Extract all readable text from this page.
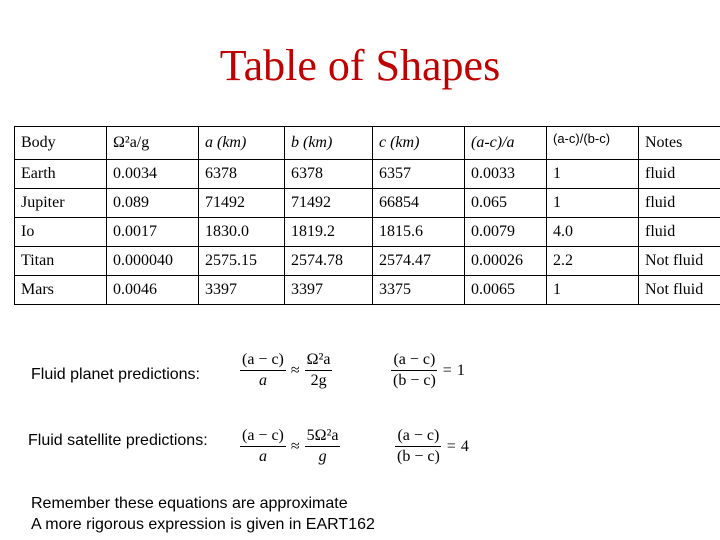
Table of Shapes
Body	Ω²a/g	a (km)	b (km)	c (km)	(a-c)/a	(a-c)/(b-c)	Notes
Earth	0.0034	6378	6378	6357	0.0033	1	fluid
Jupiter	0.089	71492	71492	66854	0.065	1	fluid
Io	0.0017	1830.0	1819.2	1815.6	0.0079	4.0	fluid
Titan	0.000040	2575.15	2574.78	2574.47	0.00026	2.2	Not fluid
Mars	0.0046	3397	3397	3375	0.0065	1	Not fluid
Fluid planet predictions:	$\frac{(a - c)}{a} \approx \frac{\text{Ω²a}}{2g}$	$\frac{(a - c)}{(b - c)} = 1$
Fluid satellite predictions: $\frac{(a - c)}{a} \approx \frac{\text{5Ω²a}}{g}$	$\frac{(a - c)}{(b - c)} = 4$
Remember these equations are approximate
A more rigorous expression is given in EART162
